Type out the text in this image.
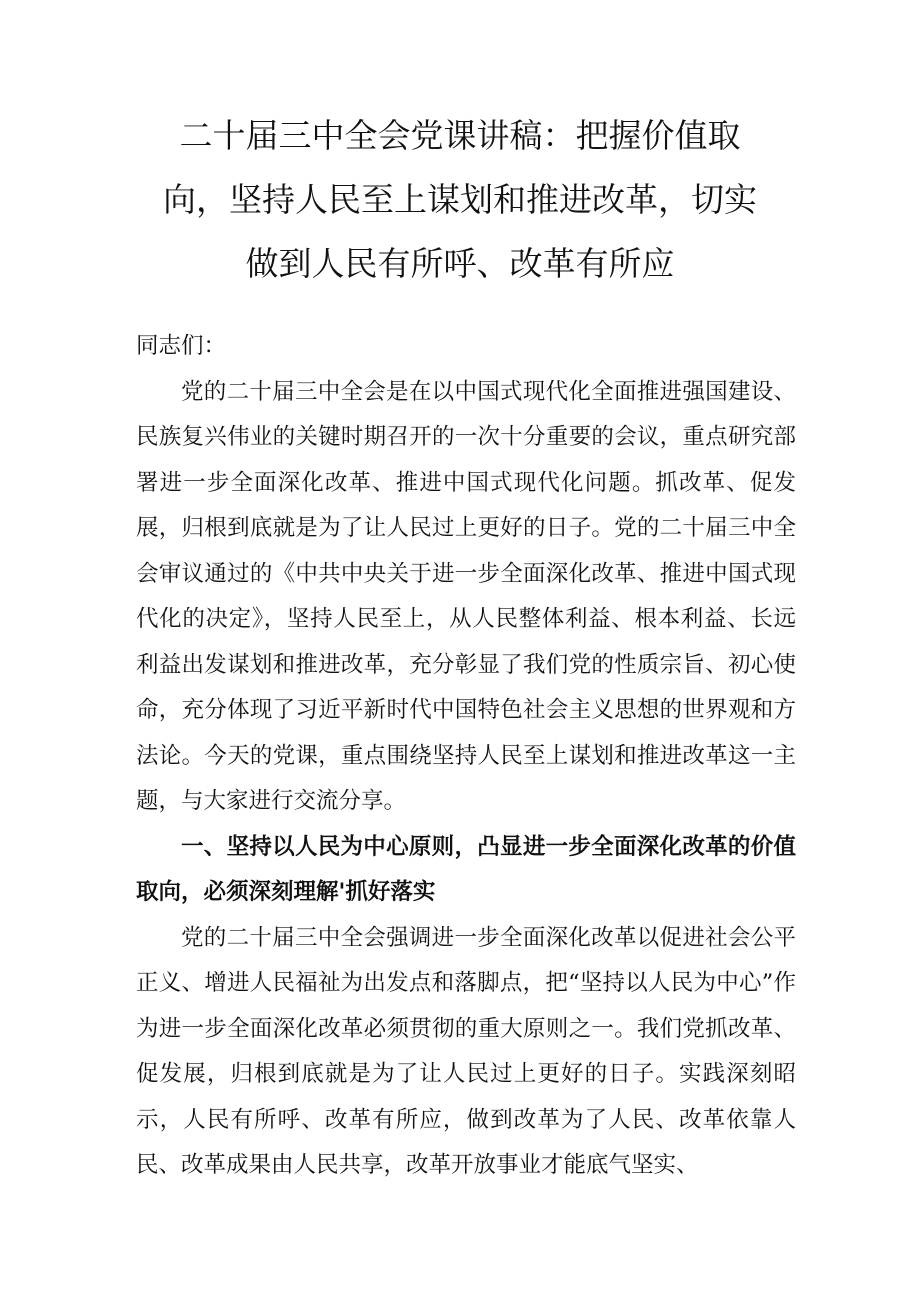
二十届三中全会党课讲稿：把握价值取
向，坚持人民至上谋划和推进改革，切实
做到人民有所呼、改革有所应

同志们：

党的二十届三中全会是在以中国式现代化全面推进强国建设、民族复兴伟业的关键时期召开的一次十分重要的会议，重点研究部署进一步全面深化改革、推进中国式现代化问题。抓改革、促发展，归根到底就是为了让人民过上更好的日子。党的二十届三中全会审议通过的《中共中央关于进一步全面深化改革、推进中国式现代化的决定》，坚持人民至上，从人民整体利益、根本利益、长远利益出发谋划和推进改革，充分彰显了我们党的性质宗旨、初心使命，充分体现了习近平新时代中国特色社会主义思想的世界观和方法论。今天的党课，重点围绕坚持人民至上谋划和推进改革这一主题，与大家进行交流分享。

一、坚持以人民为中心原则，凸显进一步全面深化改革的价值取向，必须深刻理解'抓好落实

党的二十届三中全会强调进一步全面深化改革以促进社会公平正义、增进人民福祉为出发点和落脚点，把“坚持以人民为中心”作为进一步全面深化改革必须贯彻的重大原则之一。我们党抓改革、促发展，归根到底就是为了让人民过上更好的日子。实践深刻昭示，人民有所呼、改革有所应，做到改革为了人民、改革依靠人民、改革成果由人民共享，改革开放事业才能底气坚实、
